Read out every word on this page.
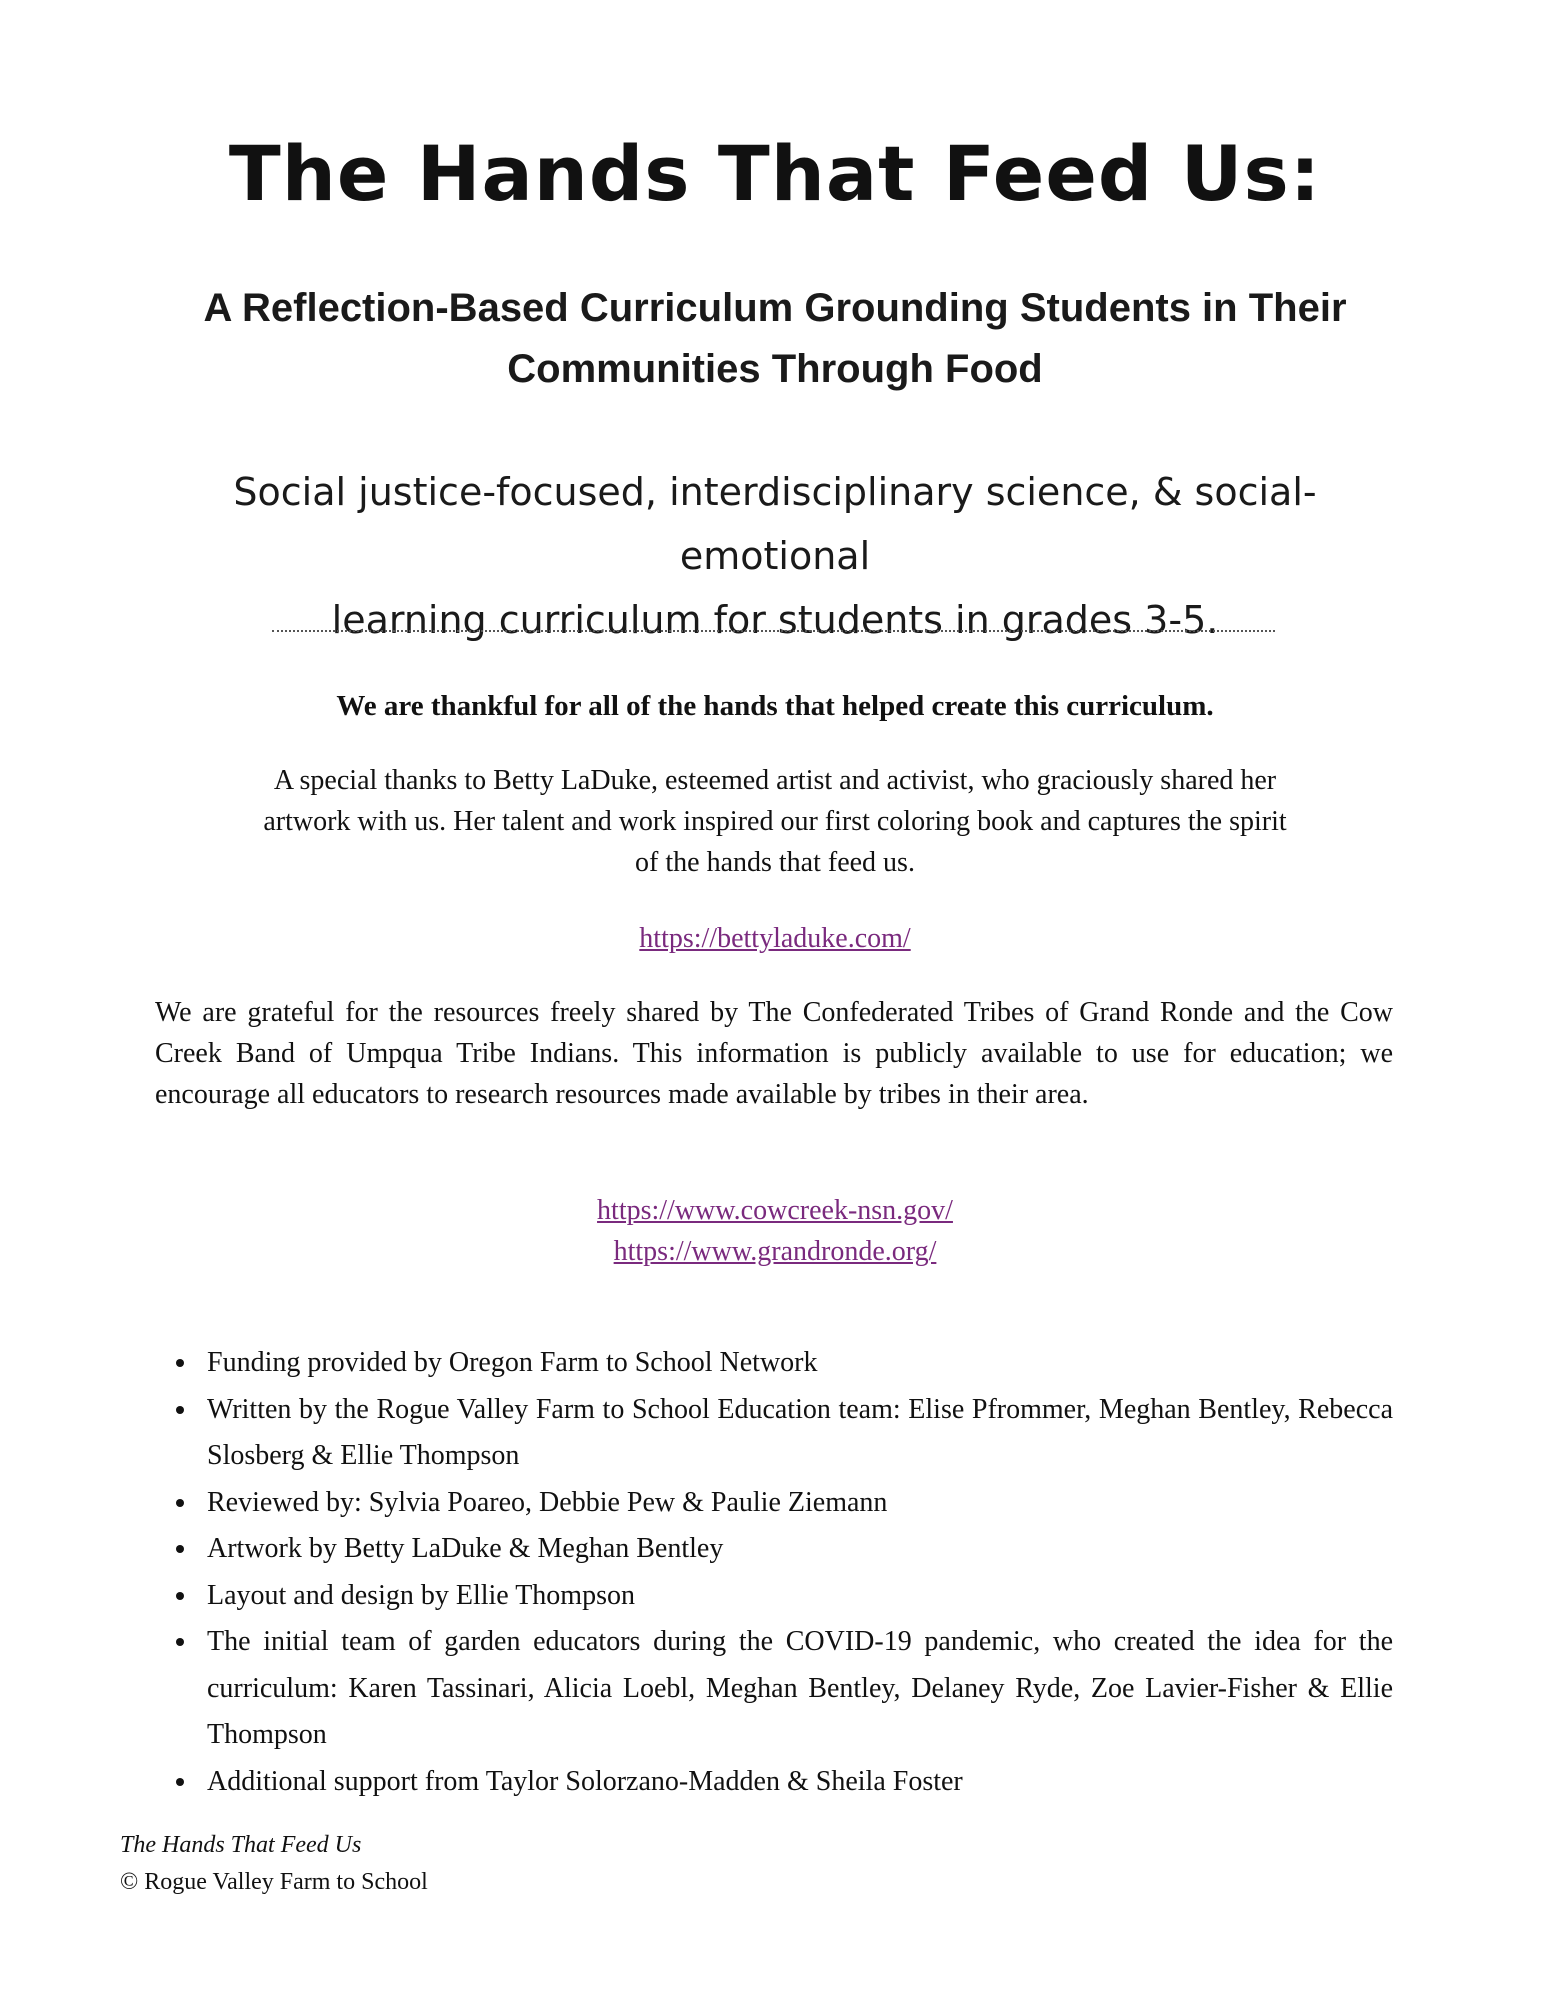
The Hands That Feed Us:
A Reflection-Based Curriculum Grounding Students in Their
Communities Through Food
Social justice-focused, interdisciplinary science, & social-emotional
learning curriculum for students in grades 3-5.
We are thankful for all of the hands that helped create this curriculum.
A special thanks to Betty LaDuke, esteemed artist and activist, who graciously shared her
artwork with us. Her talent and work inspired our first coloring book and captures the spirit
of the hands that feed us.
https://bettyladuke.com/
We are grateful for the resources freely shared by The Confederated Tribes of Grand Ronde and the Cow Creek Band of Umpqua Tribe Indians. This information is publicly available to use for education; we encourage all educators to research resources made available by tribes in their area.
https://www.cowcreek-nsn.gov/
https://www.grandronde.org/
Funding provided by Oregon Farm to School Network
Written by the Rogue Valley Farm to School Education team: Elise Pfrommer, Meghan Bentley, Rebecca Slosberg & Ellie Thompson
Reviewed by: Sylvia Poareo, Debbie Pew & Paulie Ziemann
Artwork by Betty LaDuke & Meghan Bentley
Layout and design by Ellie Thompson
The initial team of garden educators during the COVID-19 pandemic, who created the idea for the curriculum: Karen Tassinari, Alicia Loebl, Meghan Bentley, Delaney Ryde, Zoe Lavier-Fisher & Ellie Thompson
Additional support from Taylor Solorzano-Madden & Sheila Foster
The Hands That Feed Us
© Rogue Valley Farm to School
